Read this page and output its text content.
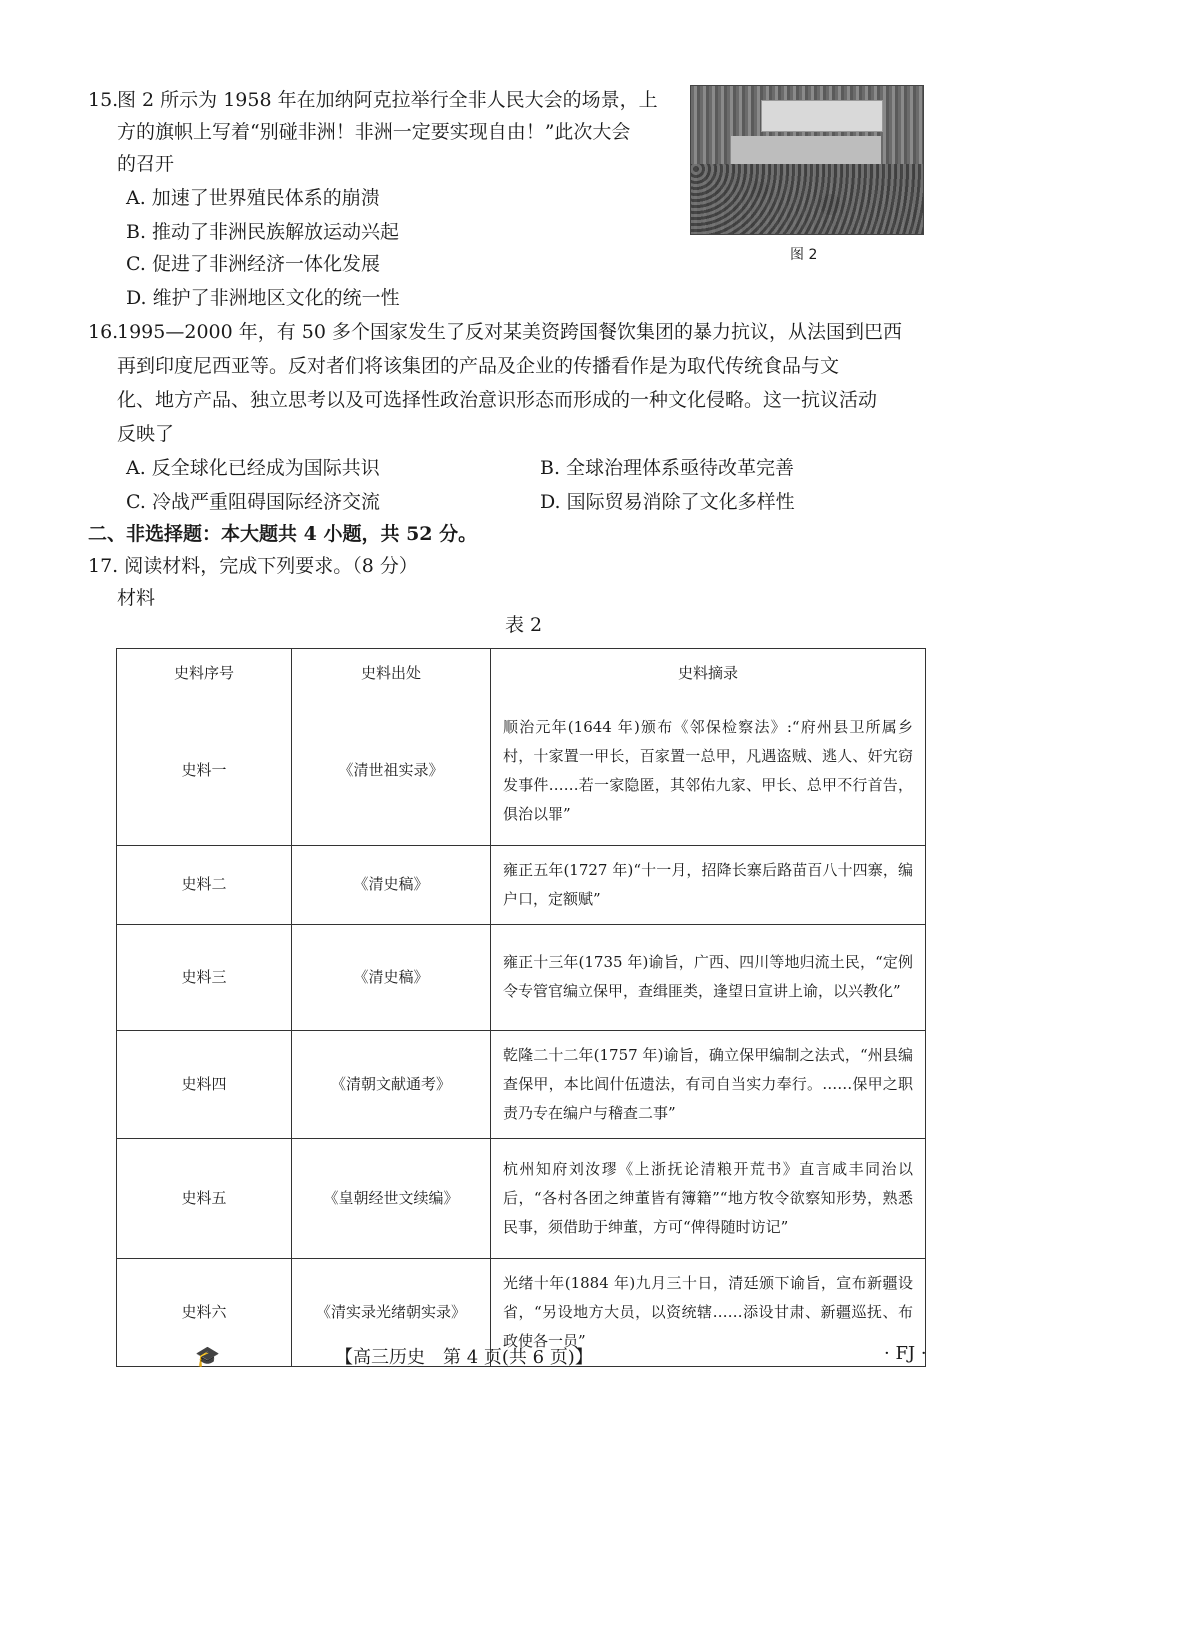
15.
图 2 所示为 1958 年在加纳阿克拉举行全非人民大会的场景，上
方的旗帜上写着“别碰非洲！非洲一定要实现自由！”此次大会
的召开
A. 加速了世界殖民体系的崩溃
B. 推动了非洲民族解放运动兴起
C. 促进了非洲经济一体化发展
D. 维护了非洲地区文化的统一性
图 2
16.
1995—2000 年，有 50 多个国家发生了反对某美资跨国餐饮集团的暴力抗议，从法国到巴西
再到印度尼西亚等。反对者们将该集团的产品及企业的传播看作是为取代传统食品与文
化、地方产品、独立思考以及可选择性政治意识形态而形成的一种文化侵略。这一抗议活动
反映了
A. 反全球化已经成为国际共识	B. 全球治理体系亟待改革完善
C. 冷战严重阻碍国际经济交流	D. 国际贸易消除了文化多样性
二、非选择题：本大题共 4 小题，共 52 分。
17. 阅读材料，完成下列要求。（8 分）
材料
表 2
史料序号	史料出处	史料摘录
史料一	《清世祖实录》	顺治元年(1644 年)颁布《邻保检察法》:“府州县卫所属乡村，十家置一甲长，百家置一总甲，凡遇盗贼、逃人、奸宄窃发事件……若一家隐匿，其邻佑九家、甲长、总甲不行首告，俱治以罪”
史料二	《清史稿》	雍正五年(1727 年)“十一月，招降长寨后路苗百八十四寨，编户口，定额赋”
史料三	《清史稿》	雍正十三年(1735 年)谕旨，广西、四川等地归流土民，“定例令专管官编立保甲，查缉匪类，逢望日宣讲上谕，以兴教化”
史料四	《清朝文献通考》	乾隆二十二年(1757 年)谕旨，确立保甲编制之法式，“州县编查保甲，本比闾什伍遗法，有司自当实力奉行。……保甲之职责乃专在编户与稽查二事”
史料五	《皇朝经世文续编》	杭州知府刘汝璆《上浙抚论清粮开荒书》直言咸丰同治以后，“各村各团之绅董皆有簿籍”“地方牧令欲察知形势，熟悉民事，须借助于绅董，方可“俾得随时访记”
史料六	《清实录光绪朝实录》	光绪十年(1884 年)九月三十日，清廷颁下谕旨，宣布新疆设省，“另设地方大员，以资统辖……添设甘肃、新疆巡抚、布政使各一员”
🎓	【高三历史　第 4 页(共 6 页)】	· FJ ·
